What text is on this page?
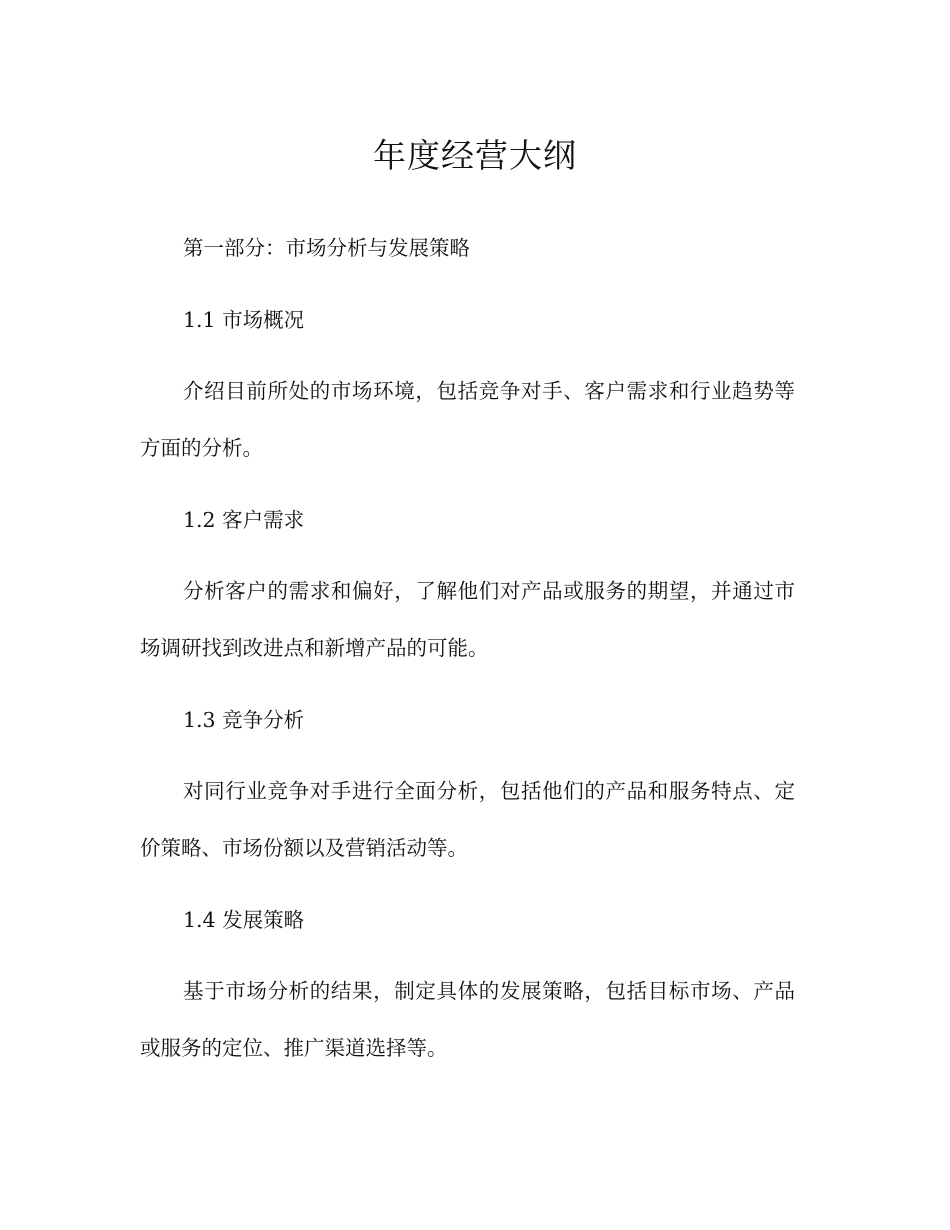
年度经营大纲

第一部分：市场分析与发展策略

1.1 市场概况

介绍目前所处的市场环境，包括竞争对手、客户需求和行业趋势等方面的分析。

1.2 客户需求

分析客户的需求和偏好，了解他们对产品或服务的期望，并通过市场调研找到改进点和新增产品的可能。

1.3 竞争分析

对同行业竞争对手进行全面分析，包括他们的产品和服务特点、定价策略、市场份额以及营销活动等。

1.4 发展策略

基于市场分析的结果，制定具体的发展策略，包括目标市场、产品或服务的定位、推广渠道选择等。
